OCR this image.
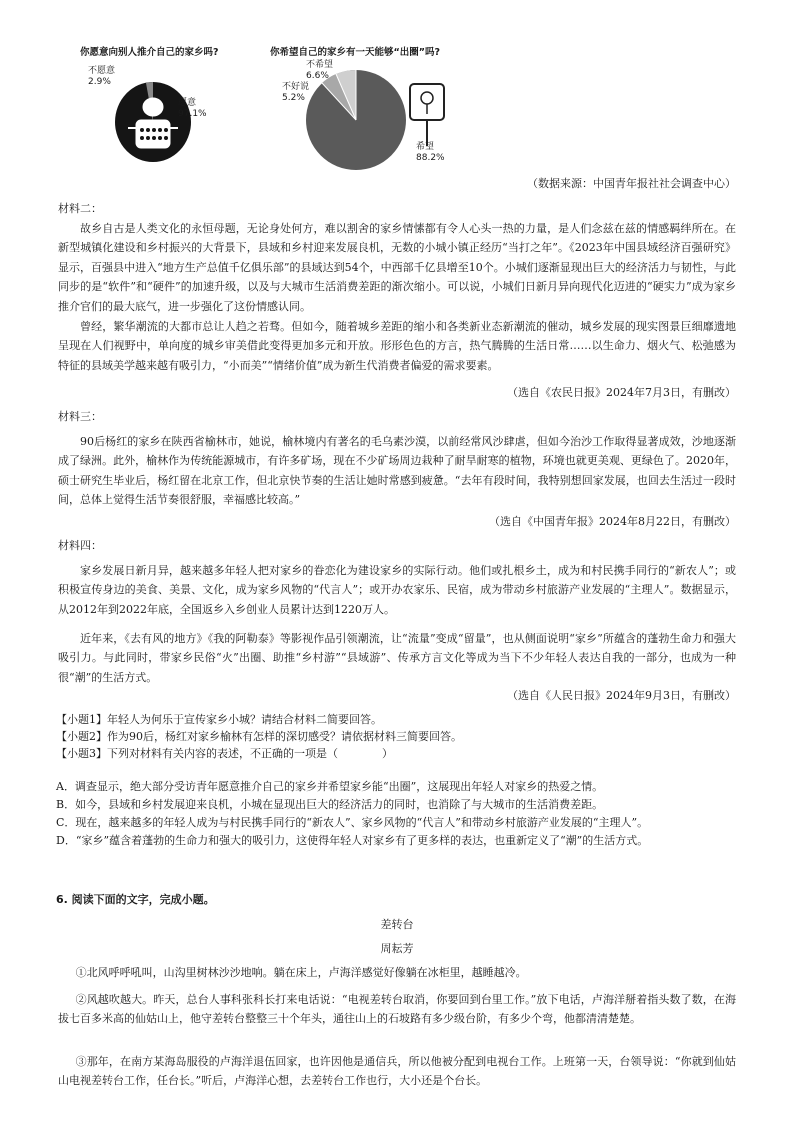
你愿意向别人推介自己的家乡吗?
不愿意
2.9%
愿意
97.1%
你希望自己的家乡有一天能够“出圈”吗?
不希望
6.6%
不好说
5.2%
希望
88.2%
（数据来源：中国青年报社社会调查中心）
材料二：
故乡自古是人类文化的永恒母题，无论身处何方，难以割舍的家乡情愫都有令人心头一热的力量，是人们念兹在兹的情感羁绊所在。在新型城镇化建设和乡村振兴的大背景下，县域和乡村迎来发展良机，无数的小城小镇正经历“当打之年”。《2023年中国县域经济百强研究》显示，百强县中进入“地方生产总值千亿俱乐部”的县域达到54个，中西部千亿县增至10个。小城们逐渐显现出巨大的经济活力与韧性，与此同步的是“软件”和“硬件”的加速升级，以及与大城市生活消费差距的渐次缩小。可以说，小城们日新月异向现代化迈进的“硬实力”成为家乡推介官们的最大底气，进一步强化了这份情感认同。
曾经，繁华潮流的大都市总让人趋之若骛。但如今，随着城乡差距的缩小和各类新业态新潮流的催动，城乡发展的现实图景巨细靡遗地呈现在人们视野中，单向度的城乡审美借此变得更加多元和开放。形形色色的方言，热气腾腾的生活日常……以生命力、烟火气、松弛感为特征的县域美学越来越有吸引力，“小而美”“情绪价值”成为新生代消费者偏爱的需求要素。
（选自《农民日报》2024年7月3日，有删改）
材料三：
90后杨红的家乡在陕西省榆林市，她说，榆林境内有著名的毛乌素沙漠，以前经常风沙肆虐，但如今治沙工作取得显著成效，沙地逐渐成了绿洲。此外，榆林作为传统能源城市，有许多矿场，现在不少矿场周边栽种了耐旱耐寒的植物，环境也就更美观、更绿色了。2020年，硕士研究生毕业后，杨红留在北京工作，但北京快节奏的生活让她时常感到疲惫。“去年有段时间，我特别想回家发展，也回去生活过一段时间，总体上觉得生活节奏很舒服，幸福感比较高。”
（选自《中国青年报》2024年8月22日，有删改）
材料四：
家乡发展日新月异，越来越多年轻人把对家乡的眷恋化为建设家乡的实际行动。他们或扎根乡土，成为和村民携手同行的“新农人”；或积极宣传身边的美食、美景、文化，成为家乡风物的“代言人”；或开办农家乐、民宿，成为带动乡村旅游产业发展的“主理人”。数据显示，从2012年到2022年底，全国返乡入乡创业人员累计达到1220万人。
近年来，《去有风的地方》《我的阿勒泰》等影视作品引领潮流，让“流量”变成“留量”，也从侧面说明“家乡”所蕴含的蓬勃生命力和强大吸引力。与此同时，带家乡民俗“火”出圈、助推“乡村游”“县域游”、传承方言文化等成为当下不少年轻人表达自我的一部分，也成为一种很“潮”的生活方式。
（选自《人民日报》2024年9月3日，有删改）
【小题1】年轻人为何乐于宣传家乡小城？请结合材料二简要回答。
【小题2】作为90后，杨红对家乡榆林有怎样的深切感受？请依据材料三简要回答。
【小题3】下列对材料有关内容的表述，不正确的一项是（　　　　）
A．调查显示，绝大部分受访青年愿意推介自己的家乡并希望家乡能“出圈”，这展现出年轻人对家乡的热爱之情。
B．如今，县域和乡村发展迎来良机，小城在显现出巨大的经济活力的同时，也消除了与大城市的生活消费差距。
C．现在，越来越多的年轻人成为与村民携手同行的“新农人”、家乡风物的“代言人”和带动乡村旅游产业发展的“主理人”。
D．“家乡”蕴含着蓬勃的生命力和强大的吸引力，这使得年轻人对家乡有了更多样的表达，也重新定义了“潮”的生活方式。
6. 阅读下面的文字，完成小题。
差转台
周耘芳
①北风呼呼吼叫，山沟里树林沙沙地响。躺在床上，卢海洋感觉好像躺在冰柜里，越睡越冷。
②风越吹越大。昨天，总台人事科张科长打来电话说：“电视差转台取消，你要回到台里工作。”放下电话，卢海洋掰着指头数了数，在海拔七百多米高的仙姑山上，他守差转台整整三十个年头，通往山上的石坡路有多少级台阶，有多少个弯，他都清清楚楚。
③那年，在南方某海岛服役的卢海洋退伍回家，也许因他是通信兵，所以他被分配到电视台工作。上班第一天，台领导说：“你就到仙姑山电视差转台工作，任台长。”听后，卢海洋心想，去差转台工作也行，大小还是个台长。
